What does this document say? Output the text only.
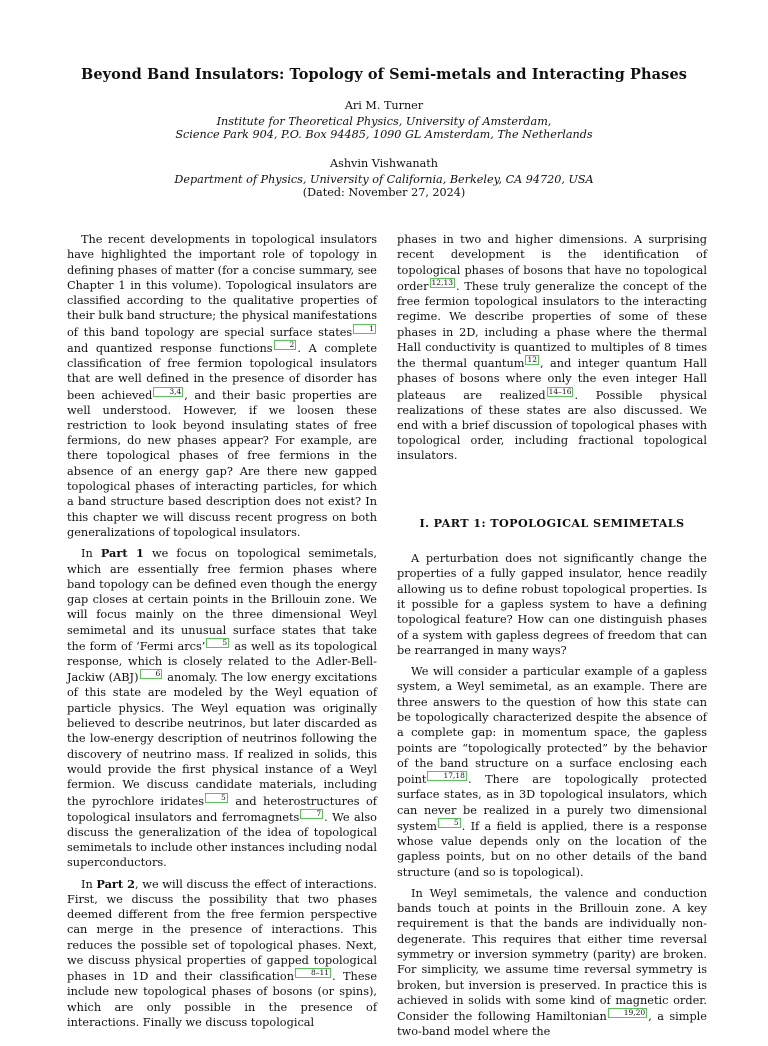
Beyond Band Insulators: Topology of Semi-metals and Interacting Phases
Ari M. Turner
Institute for Theoretical Physics, University of Amsterdam,
Science Park 904, P.O. Box 94485, 1090 GL Amsterdam, The Netherlands
Ashvin Vishwanath
Department of Physics, University of California, Berkeley, CA 94720, USA
(Dated: November 27, 2024)

The recent developments in topological insulators have highlighted the important role of topology in defining phases of matter (for a concise summary, see Chapter 1 in this volume). Topological insulators are classified according to the qualitative properties of their bulk band structure; the physical manifestations of this band topology are special surface states 1 and quantized response functions 2 . A complete classification of free fermion topological insulators that are well defined in the presence of disorder has been achieved 3,4 , and their basic properties are well understood. However, if we loosen these restriction to look beyond insulating states of free fermions, do new phases appear? For example, are there topological phases of free fermions in the absence of an energy gap? Are there new gapped topological phases of interacting particles, for which a band structure based description does not exist? In this chapter we will discuss recent progress on both generalizations of topological insulators.

In Part 1 we focus on topological semimetals, which are essentially free fermion phases where band topology can be defined even though the energy gap closes at certain points in the Brillouin zone. We will focus mainly on the three dimensional Weyl semimetal and its unusual surface states that take the form of ‘Fermi arcs’ 5 as well as its topological response, which is closely related to the Adler-Bell-Jackiw (ABJ) 6 anomaly. The low energy excitations of this state are modeled by the Weyl equation of particle physics. The Weyl equation was originally believed to describe neutrinos, but later discarded as the low-energy description of neutrinos following the discovery of neutrino mass. If realized in solids, this would provide the first physical instance of a Weyl fermion. We discuss candidate materials, including the pyrochlore iridates 5 and heterostructures of topological insulators and ferromagnets 7 . We also discuss the generalization of the idea of topological semimetals to include other instances including nodal superconductors.

In Part 2, we will discuss the effect of interactions. First, we discuss the possibility that two phases deemed different from the free fermion perspective can merge in the presence of interactions. This reduces the possible set of topological phases. Next, we discuss physical properties of gapped topological phases in 1D and their classification 8–11 . These include new topological phases of bosons (or spins), which are only possible in the presence of interactions. Finally we discuss topological

phases in two and higher dimensions. A surprising recent development is the identification of topological phases of bosons that have no topological order 12,13 . These truly generalize the concept of the free fermion topological insulators to the interacting regime. We describe properties of some of these phases in 2D, including a phase where the thermal Hall conductivity is quantized to multiples of 8 times the thermal quantum 12 , and integer quantum Hall phases of bosons where only the even integer Hall plateaus are realized 14–16 . Possible physical realizations of these states are also discussed. We end with a brief discussion of topological phases with topological order, including fractional topological insulators.

I. PART 1: TOPOLOGICAL SEMIMETALS

A perturbation does not significantly change the properties of a fully gapped insulator, hence readily allowing us to define robust topological properties. Is it possible for a gapless system to have a defining topological feature? How can one distinguish phases of a system with gapless degrees of freedom that can be rearranged in many ways?

We will consider a particular example of a gapless system, a Weyl semimetal, as an example. There are three answers to the question of how this state can be topologically characterized despite the absence of a complete gap: in momentum space, the gapless points are “topologically protected” by the behavior of the band structure on a surface enclosing each point 17,18 . There are topologically protected surface states, as in 3D topological insulators, which can never be realized in a purely two dimensional system 5 . If a field is applied, there is a response whose value depends only on the location of the gapless points, but on no other details of the band structure (and so is topological).

In Weyl semimetals, the valence and conduction bands touch at points in the Brillouin zone. A key requirement is that the bands are individually non-degenerate. This requires that either time reversal symmetry or inversion symmetry (parity) are broken. For simplicity, we assume time reversal symmetry is broken, but inversion is preserved. In practice this is achieved in solids with some kind of magnetic order. Consider the following Hamiltonian 19,20 , a simple two-band model where the
